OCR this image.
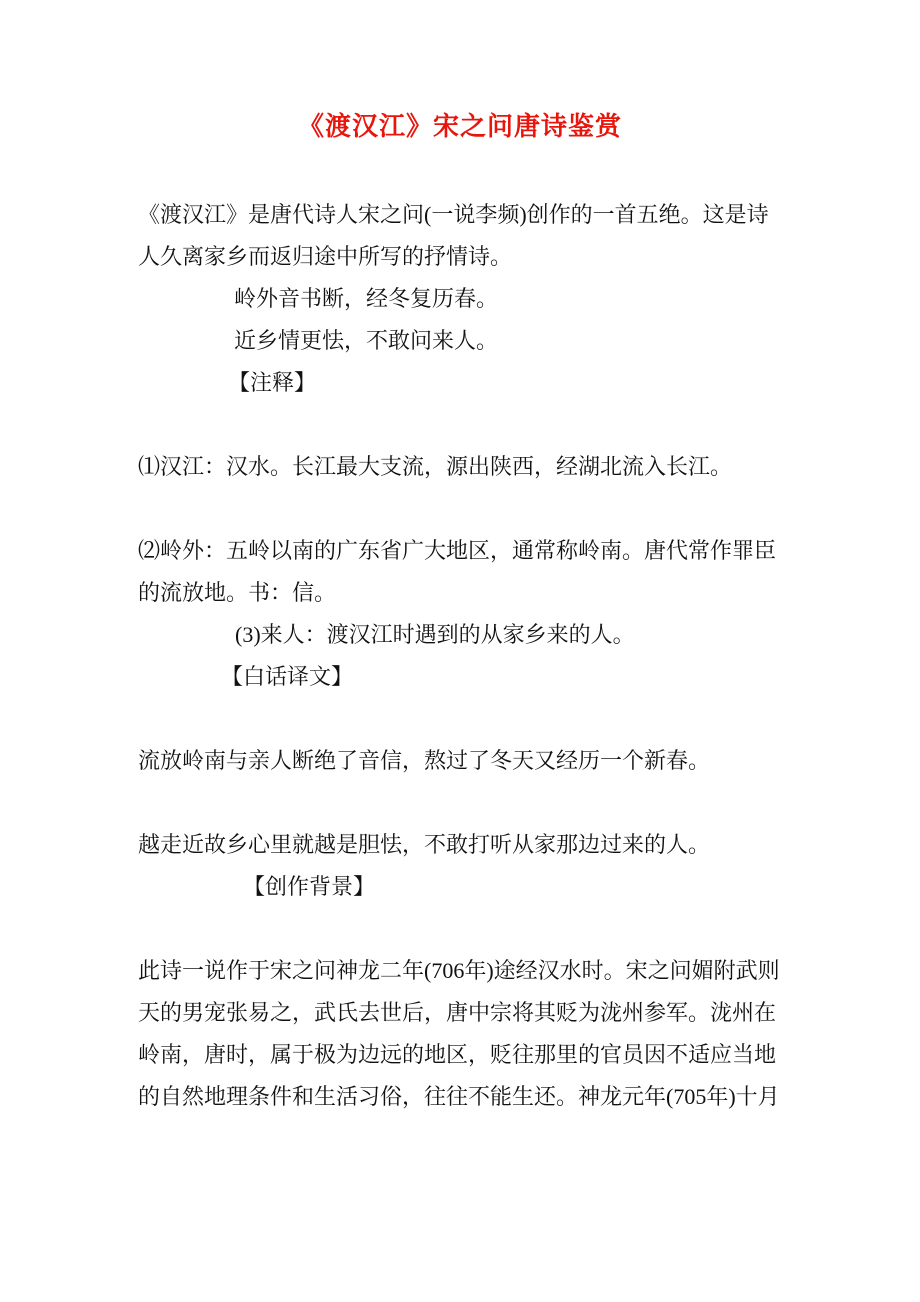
《渡汉江》宋之问唐诗鉴赏
《渡汉江》是唐代诗人宋之问(一说李频)创作的一首五绝。这是诗
人久离家乡而返归途中所写的抒情诗。
岭外音书断，经冬复历春。
近乡情更怯，不敢问来人。
【注释】
⑴汉江：汉水。长江最大支流，源出陕西，经湖北流入长江。
⑵岭外：五岭以南的广东省广大地区，通常称岭南。唐代常作罪臣
的流放地。书：信。
(3)来人：渡汉江时遇到的从家乡来的人。
【白话译文】
流放岭南与亲人断绝了音信，熬过了冬天又经历一个新春。
越走近故乡心里就越是胆怯，不敢打听从家那边过来的人。
【创作背景】
此诗一说作于宋之问神龙二年(706年)途经汉水时。宋之问媚附武则
天的男宠张易之，武氏去世后，唐中宗将其贬为泷州参军。泷州在
岭南，唐时，属于极为边远的地区，贬往那里的官员因不适应当地
的自然地理条件和生活习俗，往往不能生还。神龙元年(705年)十月
